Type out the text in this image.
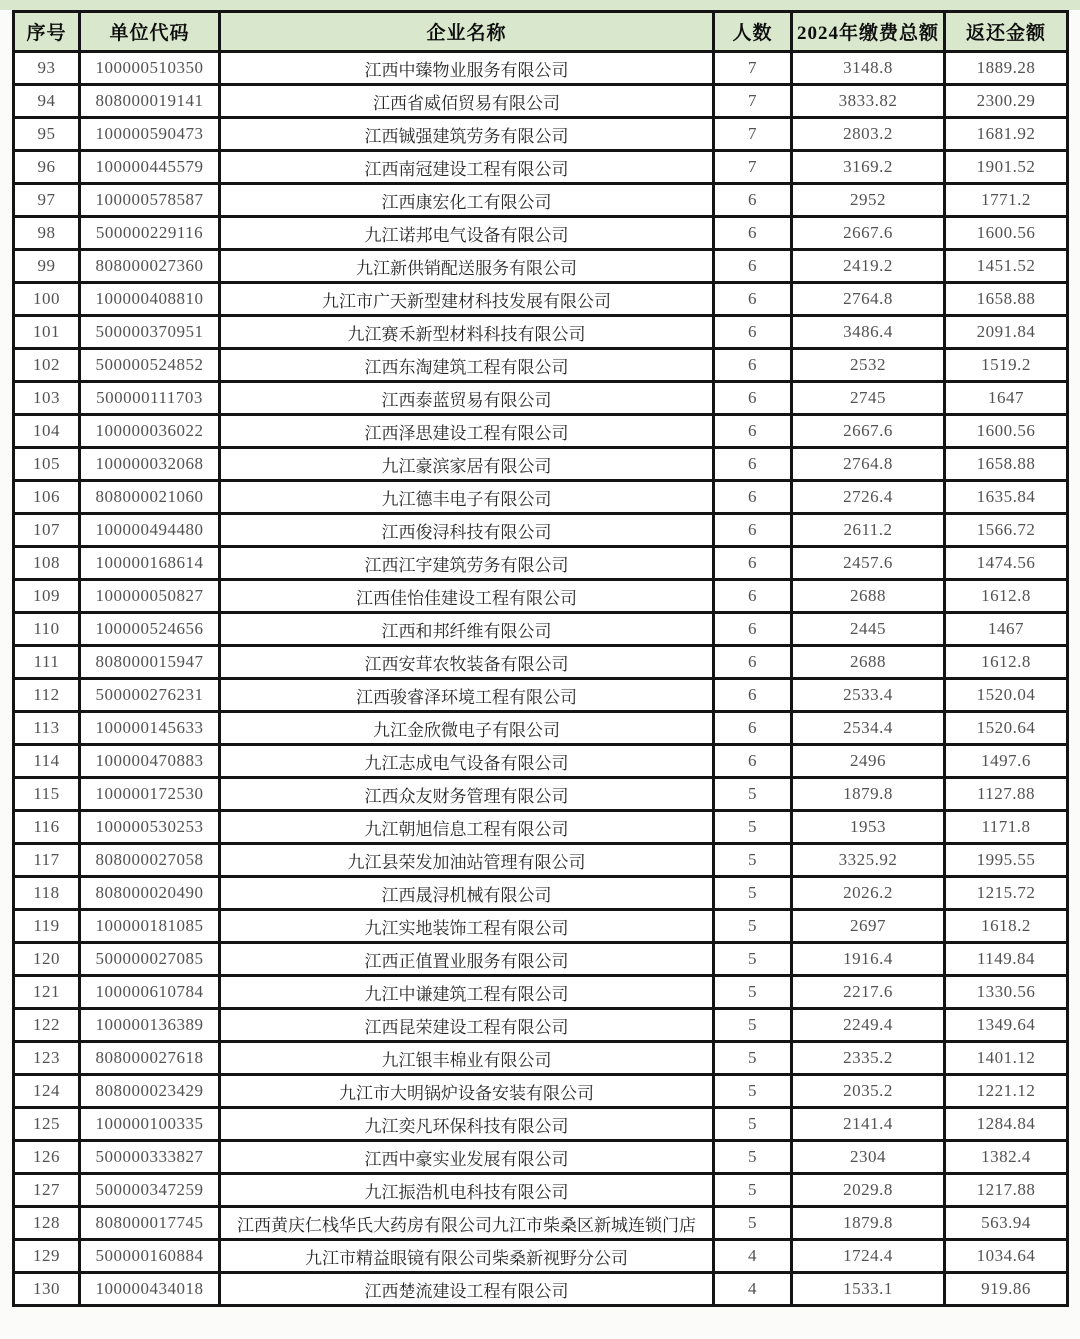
序号	单位代码	企业名称	人数	2024年缴费总额	返还金额
93	100000510350	江西中臻物业服务有限公司	7	3148.8	1889.28
94	808000019141	江西省威佰贸易有限公司	7	3833.82	2300.29
95	100000590473	江西铖强建筑劳务有限公司	7	2803.2	1681.92
96	100000445579	江西南冠建设工程有限公司	7	3169.2	1901.52
97	100000578587	江西康宏化工有限公司	6	2952	1771.2
98	500000229116	九江诺邦电气设备有限公司	6	2667.6	1600.56
99	808000027360	九江新供销配送服务有限公司	6	2419.2	1451.52
100	100000408810	九江市广天新型建材科技发展有限公司	6	2764.8	1658.88
101	500000370951	九江赛禾新型材料科技有限公司	6	3486.4	2091.84
102	500000524852	江西东淘建筑工程有限公司	6	2532	1519.2
103	500000111703	江西泰蓝贸易有限公司	6	2745	1647
104	100000036022	江西泽思建设工程有限公司	6	2667.6	1600.56
105	100000032068	九江豪滨家居有限公司	6	2764.8	1658.88
106	808000021060	九江德丰电子有限公司	6	2726.4	1635.84
107	100000494480	江西俊浔科技有限公司	6	2611.2	1566.72
108	100000168614	江西江宇建筑劳务有限公司	6	2457.6	1474.56
109	100000050827	江西佳怡佳建设工程有限公司	6	2688	1612.8
110	100000524656	江西和邦纤维有限公司	6	2445	1467
111	808000015947	江西安茸农牧装备有限公司	6	2688	1612.8
112	500000276231	江西骏睿泽环境工程有限公司	6	2533.4	1520.04
113	100000145633	九江金欣微电子有限公司	6	2534.4	1520.64
114	100000470883	九江志成电气设备有限公司	6	2496	1497.6
115	100000172530	江西众友财务管理有限公司	5	1879.8	1127.88
116	100000530253	九江朝旭信息工程有限公司	5	1953	1171.8
117	808000027058	九江县荣发加油站管理有限公司	5	3325.92	1995.55
118	808000020490	江西晟浔机械有限公司	5	2026.2	1215.72
119	100000181085	九江实地装饰工程有限公司	5	2697	1618.2
120	500000027085	江西正值置业服务有限公司	5	1916.4	1149.84
121	100000610784	九江中谦建筑工程有限公司	5	2217.6	1330.56
122	100000136389	江西昆荣建设工程有限公司	5	2249.4	1349.64
123	808000027618	九江银丰棉业有限公司	5	2335.2	1401.12
124	808000023429	九江市大明锅炉设备安装有限公司	5	2035.2	1221.12
125	100000100335	九江奕凡环保科技有限公司	5	2141.4	1284.84
126	500000333827	江西中豪实业发展有限公司	5	2304	1382.4
127	500000347259	九江振浩机电科技有限公司	5	2029.8	1217.88
128	808000017745	江西黄庆仁栈华氏大药房有限公司九江市柴桑区新城连锁门店	5	1879.8	563.94
129	500000160884	九江市精益眼镜有限公司柴桑新视野分公司	4	1724.4	1034.64
130	100000434018	江西楚流建设工程有限公司	4	1533.1	919.86
